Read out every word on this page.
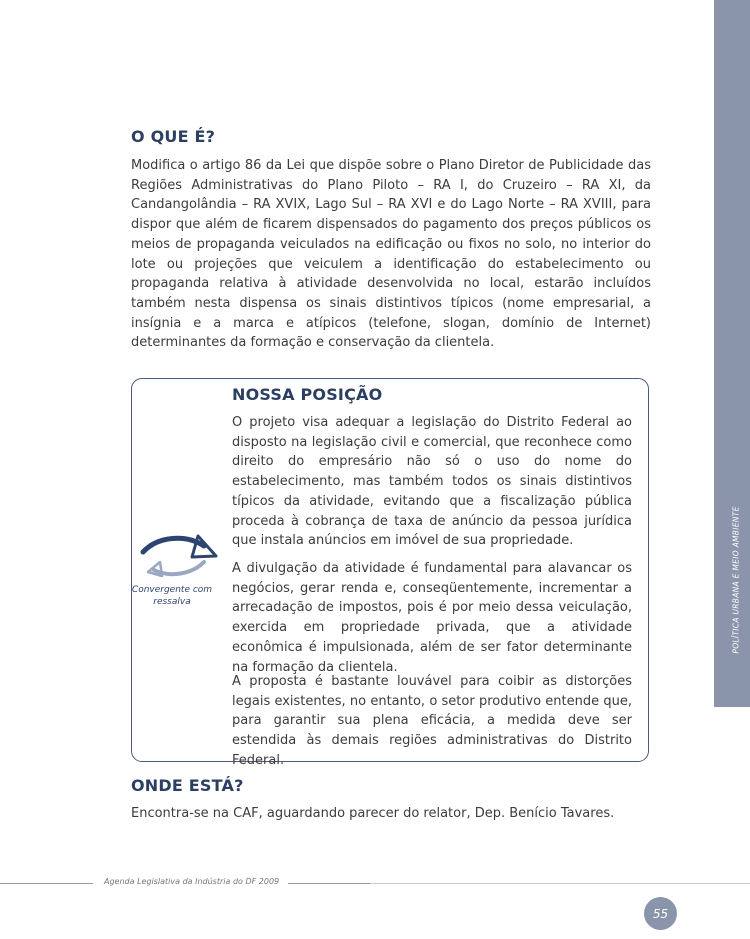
POLÍTICA URBANA E MEIO AMBIENTE
O QUE É?

Modifica o artigo 86 da Lei que dispõe sobre o Plano Diretor de Publicidade das Regiões Administrativas do Plano Piloto – RA I, do Cruzeiro – RA XI, da Candangolândia – RA XVIX, Lago Sul – RA XVI e do Lago Norte – RA XVIII, para dispor que além de ficarem dispensados do pagamento dos preços públicos os meios de propaganda veiculados na edificação ou fixos no solo, no interior do lote ou projeções que veiculem a identificação do estabelecimento ou propaganda relativa à atividade desenvolvida no local, estarão incluídos também nesta dispensa os sinais distintivos típicos (nome empresarial, a insígnia e a marca e atípicos (telefone, slogan, domínio de Internet) determinantes da formação e conservação da clientela.

NOSSA POSIÇÃO

Convergente com ressalva

O projeto visa adequar a legislação do Distrito Federal ao disposto na legislação civil e comercial, que reconhece como direito do empresário não só o uso do nome do estabelecimento, mas também todos os sinais distintivos típicos da atividade, evitando que a fiscalização pública proceda à cobrança de taxa de anúncio da pessoa jurídica que instala anúncios em imóvel de sua propriedade.

A divulgação da atividade é fundamental para alavancar os negócios, gerar renda e, conseqüentemente, incrementar a arrecadação de impostos, pois é por meio dessa veiculação, exercida em propriedade privada, que a atividade econômica é impulsionada, além de ser fator determinante na formação da clientela.

A proposta é bastante louvável para coibir as distorções legais existentes, no entanto, o setor produtivo entende que, para garantir sua plena eficácia, a medida deve ser estendida às demais regiões administrativas do Distrito Federal.

ONDE ESTÁ?

Encontra-se na CAF, aguardando parecer do relator, Dep. Benício Tavares.

Agenda Legislativa da Indústria do DF 2009

55
